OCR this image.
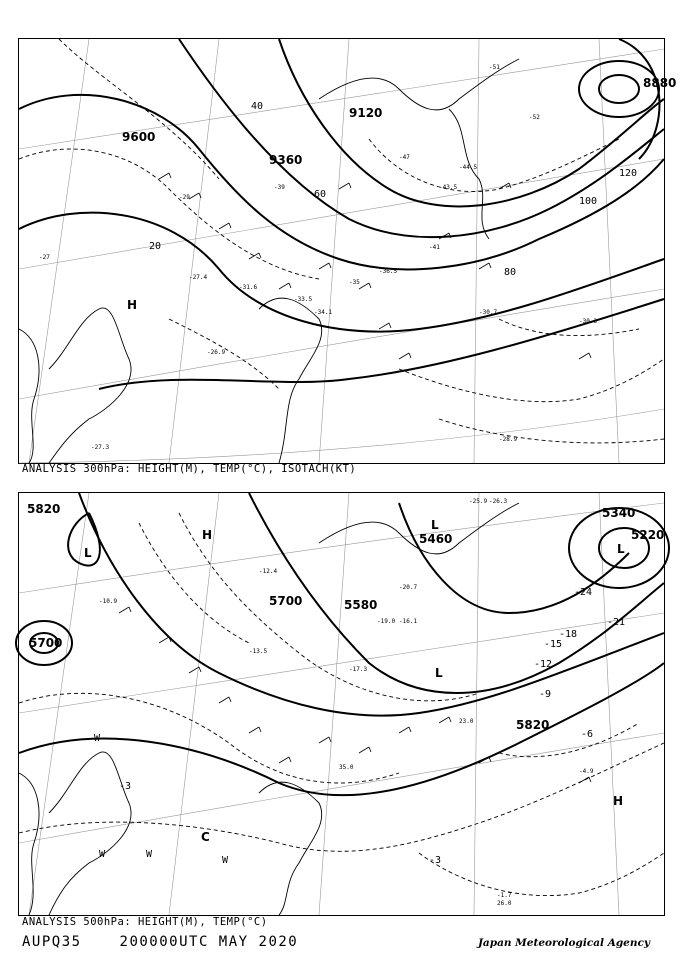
9600
9360
9120
8880
20
40
60
80
100
120
-27
-29
-31.6
-33.5
-34.1
-35
-36.5
-39
-41
-43.5
-44.5
-47
-51
-52
-30.7
-30.3
-28.9
-26.9
-27.4
-27.3
H
ANALYSIS 300hPa: HEIGHT(M), TEMP(°C), ISOTACH(KT)
5820
5700
5700	5580
5460
5820
5340
5220
-3
-3
-6
-9
-12
-15
-18
-21
-24
-10.9
-12.4
-13.5
-16.1
-17.3
-19.0
-20.7
-25.9 -26.3
-4.9
-1.7
26.0
35.0
23.0
L
L
L
L
H
H
C
W
W	W
W
ANALYSIS 500hPa: HEIGHT(M), TEMP(°C)
AUPQ35	200000UTC MAY 2020	Japan Meteorological Agency
